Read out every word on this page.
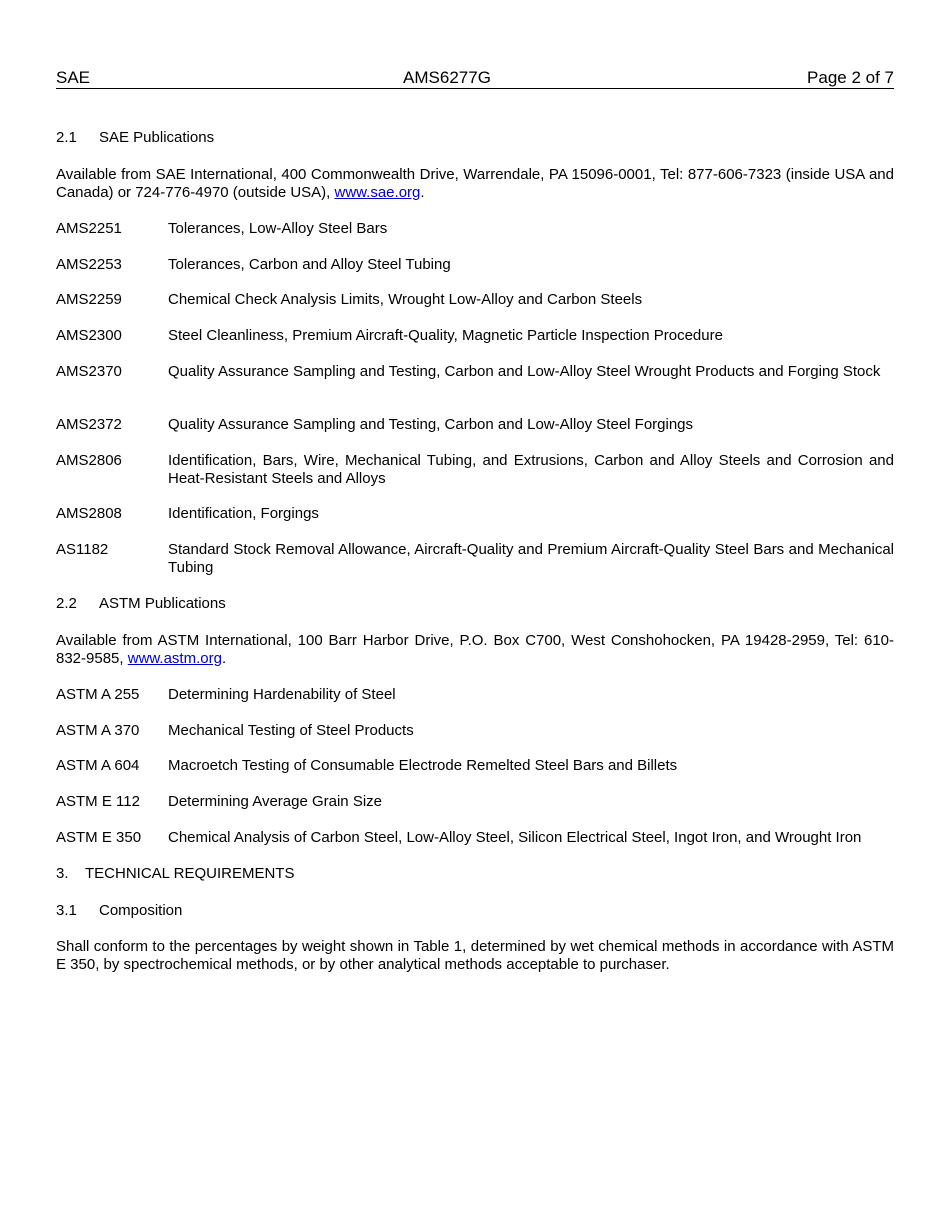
SAE	AMS6277G	Page 2 of 7
2.1 SAE Publications
Available from SAE International, 400 Commonwealth Drive, Warrendale, PA 15096-0001, Tel: 877-606-7323 (inside USA and Canada) or 724-776-4970 (outside USA), www.sae.org.
AMS2251	Tolerances, Low-Alloy Steel Bars
AMS2253	Tolerances, Carbon and Alloy Steel Tubing
AMS2259	Chemical Check Analysis Limits, Wrought Low-Alloy and Carbon Steels
AMS2300	Steel Cleanliness, Premium Aircraft-Quality, Magnetic Particle Inspection Procedure
AMS2370	Quality Assurance Sampling and Testing, Carbon and Low-Alloy Steel Wrought Products and Forging Stock
AMS2372	Quality Assurance Sampling and Testing, Carbon and Low-Alloy Steel Forgings
AMS2806	Identification, Bars, Wire, Mechanical Tubing, and Extrusions, Carbon and Alloy Steels and Corrosion and Heat-Resistant Steels and Alloys
AMS2808	Identification, Forgings
AS1182	Standard Stock Removal Allowance, Aircraft-Quality and Premium Aircraft-Quality Steel Bars and Mechanical Tubing
2.2 ASTM Publications
Available from ASTM International, 100 Barr Harbor Drive, P.O. Box C700, West Conshohocken, PA 19428-2959, Tel: 610-832-9585, www.astm.org.
ASTM A 255	Determining Hardenability of Steel
ASTM A 370	Mechanical Testing of Steel Products
ASTM A 604	Macroetch Testing of Consumable Electrode Remelted Steel Bars and Billets
ASTM E 112	Determining Average Grain Size
ASTM E 350	Chemical Analysis of Carbon Steel, Low-Alloy Steel, Silicon Electrical Steel, Ingot Iron, and Wrought Iron
3. TECHNICAL REQUIREMENTS
3.1 Composition
Shall conform to the percentages by weight shown in Table 1, determined by wet chemical methods in accordance with ASTM E 350, by spectrochemical methods, or by other analytical methods acceptable to purchaser.
